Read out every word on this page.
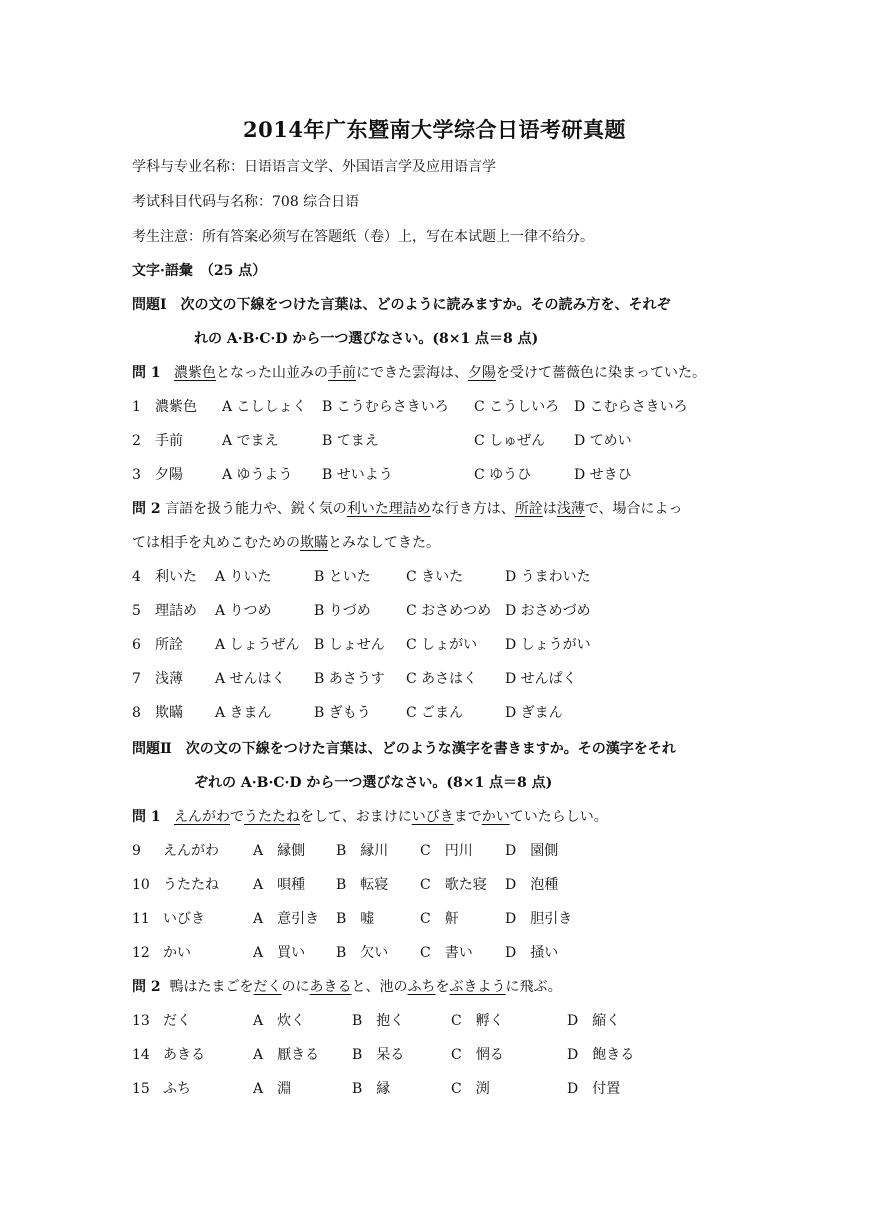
2014年广东暨南大学综合日语考研真题
学科与专业名称：日语语言文学、外国语言学及应用语言学
考试科目代码与名称：708 综合日语
考生注意：所有答案必须写在答题纸（卷）上，写在本试题上一律不给分。
文字·語彙　（25 点）
問題Ⅰ　次の文の下線をつけた言葉は、どのように読みますか。その読み方を、それぞ
れの A·B·C·D から一つ選びなさい。(8×1 点＝8 点)
問 1 濃紫色となった山並みの手前にできた雲海は、夕陽を受けて薔薇色に染まっていた。
1 濃紫色 A こししょく B こうむらさきいろ C こうしいろ D こむらさきいろ
2 手前	A でまえ	B てまえ	C しゅぜん D てめい
3 夕陽	A ゆうよう B せいよう	C ゆうひ	D せきひ
問 2 言語を扱う能力や、鋭く気の利いた理詰めな行き方は、所詮は浅薄で、場合によっ
ては相手を丸めこむための欺瞞とみなしてきた。
4 利いた A りいた	B といた	C きいた	D うまわいた
5 理詰め A りつめ	B りづめ	C おさめつめ D おさめづめ
6 所詮 A しょうぜん B しょせん C しょがい D しょうがい
7 浅薄 A せんはく B あさうす C あさはく D せんぱく
8 欺瞞 A きまん	B ぎもう	C ごまん	D ぎまん
問題Ⅱ　次の文の下線をつけた言葉は、どのような漢字を書きますか。その漢字をそれ
ぞれの A·B·C·D から一つ選びなさい。(8×1 点＝8 点)
問 1 えんがわでうたたねをして、おまけにいびきまでかいていたらしい。
9 えんがわ A　縁側 B　縁川 C　円川 D　園側
10 うたたね A　唄種 B　転寝 C　歌た寝 D　泡種
11 いびき	A　意引き B　嘘	C　鼾	D　胆引き
12 かい	A　買い B　欠い C　書い D　掻い
問 2 鴨はたまごをだくのにあきると、池のふちをぶきように飛ぶ。
13 だく	A　炊く	B　抱く	C　孵く	D　縮く
14 あきる	A　厭きる B　呆る	C　惘る	D　飽きる
15 ふち	A　淵	B　縁	C　渕	D　付置
